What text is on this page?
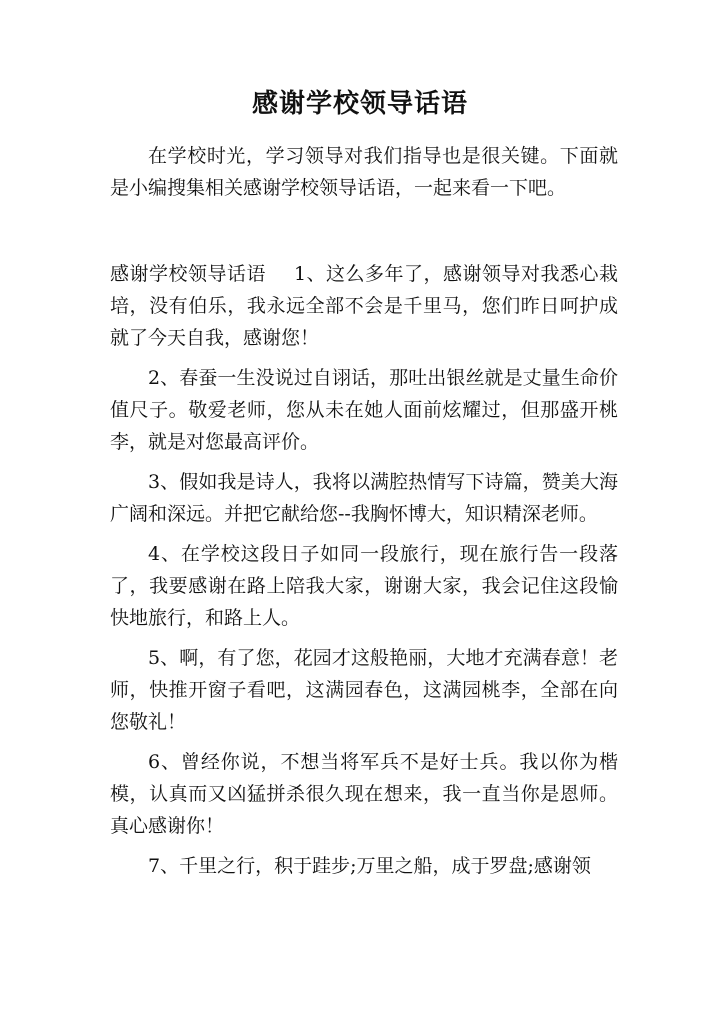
感谢学校领导话语

在学校时光，学习领导对我们指导也是很关键。下面就是小编搜集相关感谢学校领导话语，一起来看一下吧。

感谢学校领导话语 1、这么多年了，感谢领导对我悉心栽培，没有伯乐，我永远全部不会是千里马，您们昨日呵护成就了今天自我，感谢您！

2、春蚕一生没说过自诩话，那吐出银丝就是丈量生命价值尺子。敬爱老师，您从未在她人面前炫耀过，但那盛开桃李，就是对您最高评价。

3、假如我是诗人，我将以满腔热情写下诗篇，赞美大海广阔和深远。并把它献给您--我胸怀博大，知识精深老师。

4、在学校这段日子如同一段旅行，现在旅行告一段落了，我要感谢在路上陪我大家，谢谢大家，我会记住这段愉快地旅行，和路上人。

5、啊，有了您，花园才这般艳丽，大地才充满春意！老师，快推开窗子看吧，这满园春色，这满园桃李，全部在向您敬礼！

6、曾经你说，不想当将军兵不是好士兵。我以你为楷模，认真而又凶猛拼杀很久现在想来，我一直当你是恩师。真心感谢你！

7、千里之行，积于跬步;万里之船，成于罗盘;感谢领
